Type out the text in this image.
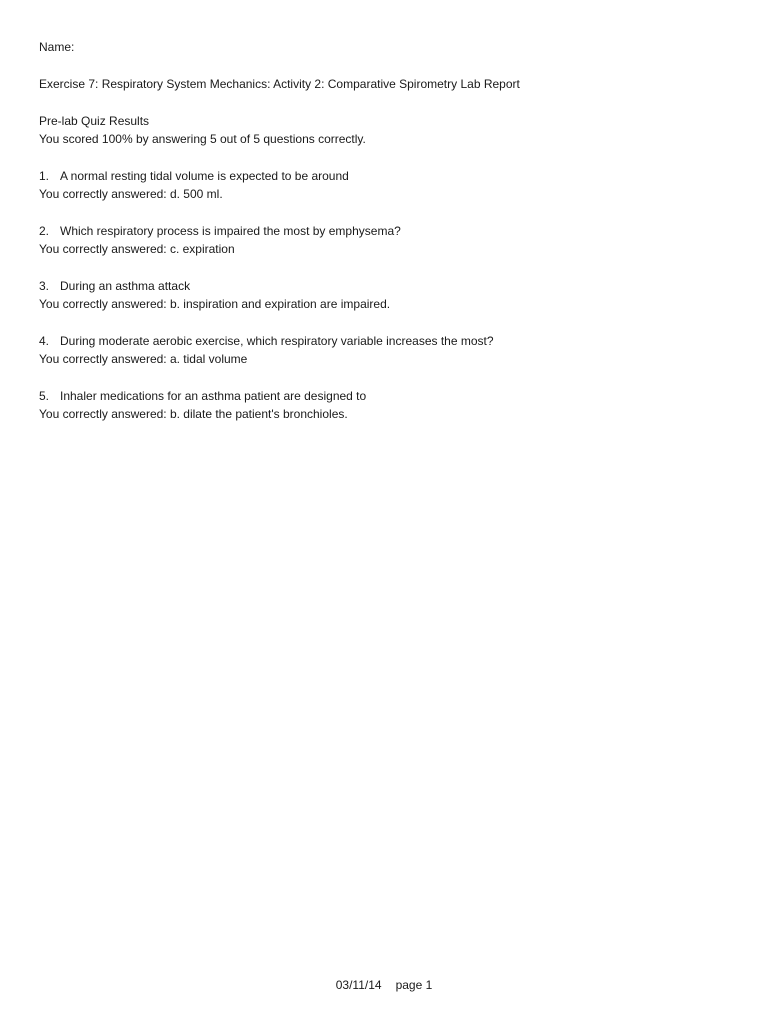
Name:
Exercise 7: Respiratory System Mechanics: Activity 2: Comparative Spirometry Lab Report
Pre-lab Quiz Results
You scored 100% by answering 5 out of 5 questions correctly.
1. A normal resting tidal volume is expected to be around
You correctly answered: d. 500 ml.
2. Which respiratory process is impaired the most by emphysema?
You correctly answered: c. expiration
3. During an asthma attack
You correctly answered: b. inspiration and expiration are impaired.
4. During moderate aerobic exercise, which respiratory variable increases the most?
You correctly answered: a. tidal volume
5. Inhaler medications for an asthma patient are designed to
You correctly answered: b. dilate the patient's bronchioles.
03/11/14 page 1
